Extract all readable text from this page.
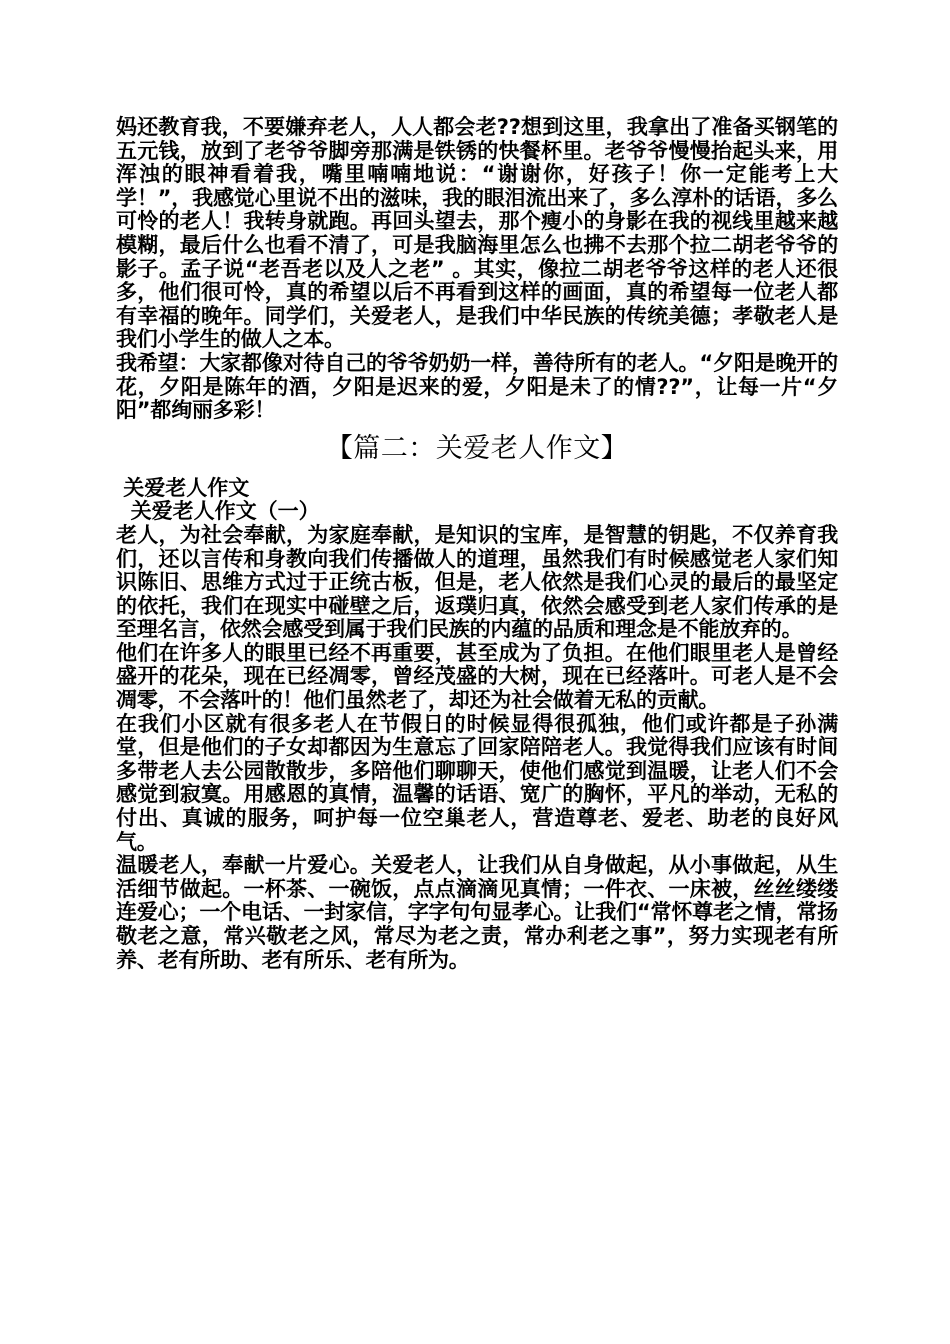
妈还教育我，不要嫌弃老人，人人都会老??想到这里，我拿出了准备买钢笔的五元钱，放到了老爷爷脚旁那满是铁锈的快餐杯里。老爷爷慢慢抬起头来，用浑浊的眼神看着我，嘴里喃喃地说：“谢谢你，好孩子！你一定能考上大学！”，我感觉心里说不出的滋味，我的眼泪流出来了，多么淳朴的话语，多么可怜的老人！我转身就跑。再回头望去，那个瘦小的身影在我的视线里越来越模糊，最后什么也看不清了，可是我脑海里怎么也拂不去那个拉二胡老爷爷的影子。孟子说“老吾老以及人之老” 。其实，像拉二胡老爷爷这样的老人还很多，他们很可怜，真的希望以后不再看到这样的画面，真的希望每一位老人都有幸福的晚年。同学们，关爱老人，是我们中华民族的传统美德；孝敬老人是我们小学生的做人之本。

我希望：大家都像对待自己的爷爷奶奶一样，善待所有的老人。“夕阳是晚开的花，夕阳是陈年的酒，夕阳是迟来的爱，夕阳是未了的情??”，让每一片“夕阳”都绚丽多彩！

【篇二：关爱老人作文】

关爱老人作文

关爱老人作文（一）

老人，为社会奉献，为家庭奉献，是知识的宝库，是智慧的钥匙，不仅养育我们，还以言传和身教向我们传播做人的道理，虽然我们有时候感觉老人家们知识陈旧、思维方式过于正统古板，但是，老人依然是我们心灵的最后的最坚定的依托，我们在现实中碰壁之后，返璞归真，依然会感受到老人家们传承的是至理名言，依然会感受到属于我们民族的内蕴的品质和理念是不能放弃的。

他们在许多人的眼里已经不再重要，甚至成为了负担。在他们眼里老人是曾经盛开的花朵，现在已经凋零，曾经茂盛的大树，现在已经落叶。可老人是不会凋零，不会落叶的！他们虽然老了，却还为社会做着无私的贡献。

在我们小区就有很多老人在节假日的时候显得很孤独，他们或许都是子孙满堂，但是他们的子女却都因为生意忘了回家陪陪老人。我觉得我们应该有时间多带老人去公园散散步，多陪他们聊聊天，使他们感觉到温暖，让老人们不会感觉到寂寞。用感恩的真情，温馨的话语、宽广的胸怀，平凡的举动，无私的付出、真诚的服务，呵护每一位空巢老人，营造尊老、爱老、助老的良好风气。

温暖老人，奉献一片爱心。关爱老人，让我们从自身做起，从小事做起，从生活细节做起。一杯茶、一碗饭，点点滴滴见真情；一件衣、一床被，丝丝缕缕连爱心；一个电话、一封家信，字字句句显孝心。让我们“常怀尊老之情，常扬敬老之意，常兴敬老之风，常尽为老之责，常办利老之事”，努力实现老有所养、老有所助、老有所乐、老有所为。
